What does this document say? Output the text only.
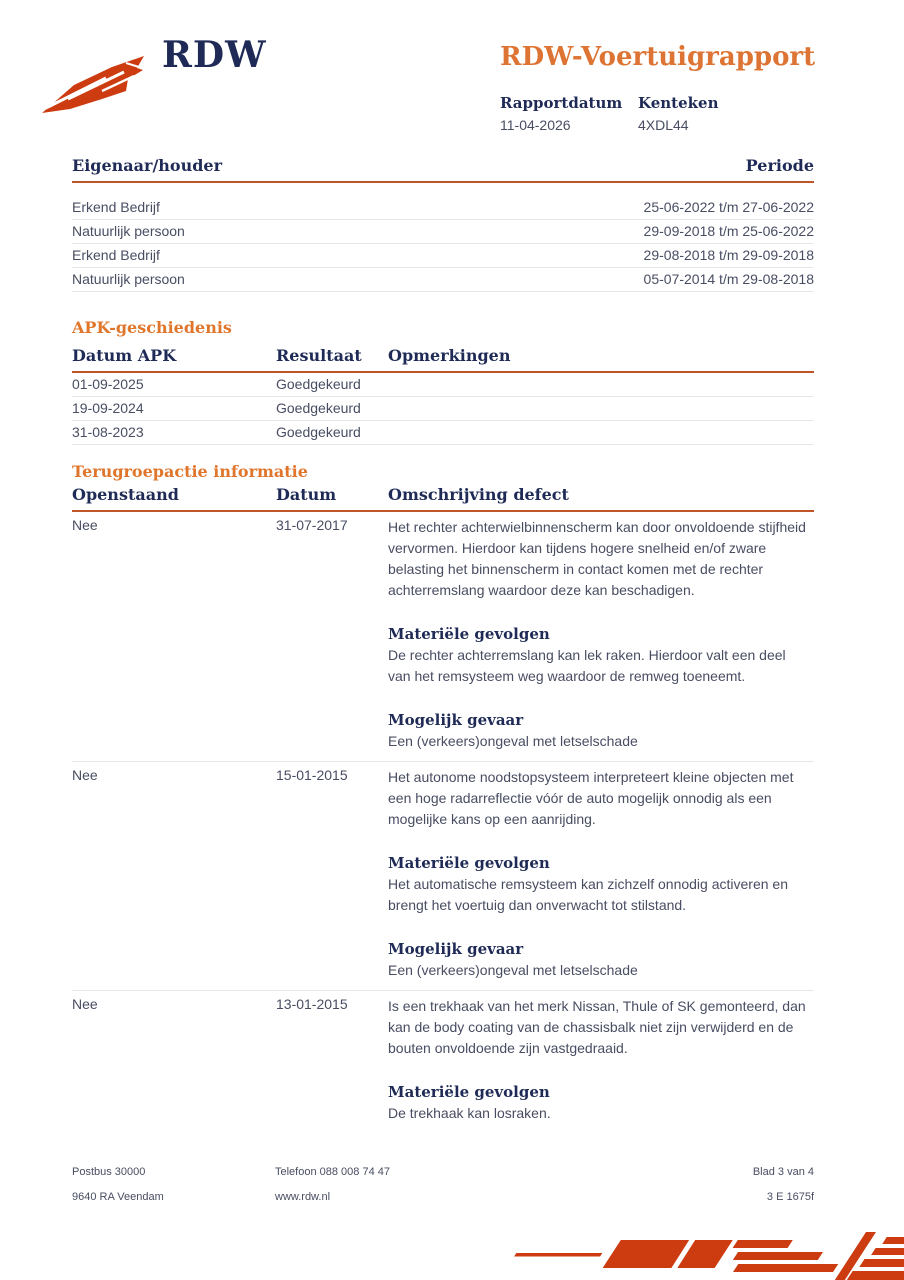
RDW	RDW-Voertuigrapport
Rapportdatum
11-04-2026
Kenteken
4XDL44
Eigenaar/houder	Periode
Erkend Bedrijf	25-06-2022 t/m 27-06-2022
Natuurlijk persoon	29-09-2018 t/m 25-06-2022
Erkend Bedrijf	29-08-2018 t/m 29-09-2018
Natuurlijk persoon	05-07-2014 t/m 29-08-2018
APK-geschiedenis
Datum APK	Resultaat	Opmerkingen
01-09-2025	Goedgekeurd
19-09-2024	Goedgekeurd
31-08-2023	Goedgekeurd
Terugroepactie informatie
Openstaand	Datum	Omschrijving defect
Nee	31-07-2017	Het rechter achterwielbinnenscherm kan door onvoldoende stijfheid vervormen. Hierdoor kan tijdens hogere snelheid en/of zware belasting het binnenscherm in contact komen met de rechter achterremslang waardoor deze kan beschadigen.

Materiële gevolgen

De rechter achterremslang kan lek raken. Hierdoor valt een deel van het remsysteem weg waardoor de remweg toeneemt.

Mogelijk gevaar

Een (verkeers)ongeval met letselschade

Nee	15-01-2015	Het autonome noodstopsysteem interpreteert kleine objecten met een hoge radarreflectie vóór de auto mogelijk onnodig als een mogelijke kans op een aanrijding.

Materiële gevolgen

Het automatische remsysteem kan zichzelf onnodig activeren en brengt het voertuig dan onverwacht tot stilstand.

Mogelijk gevaar

Een (verkeers)ongeval met letselschade

Nee	13-01-2015	Is een trekhaak van het merk Nissan, Thule of SK gemonteerd, dan kan de body coating van de chassisbalk niet zijn verwijderd en de bouten onvoldoende zijn vastgedraaid.

Materiële gevolgen

De trekhaak kan losraken.

Postbus 30000	Telefoon 088 008 74 47	Blad 3 van 4
9640 RA Veendam	www.rdw.nl	3 E 1675f
